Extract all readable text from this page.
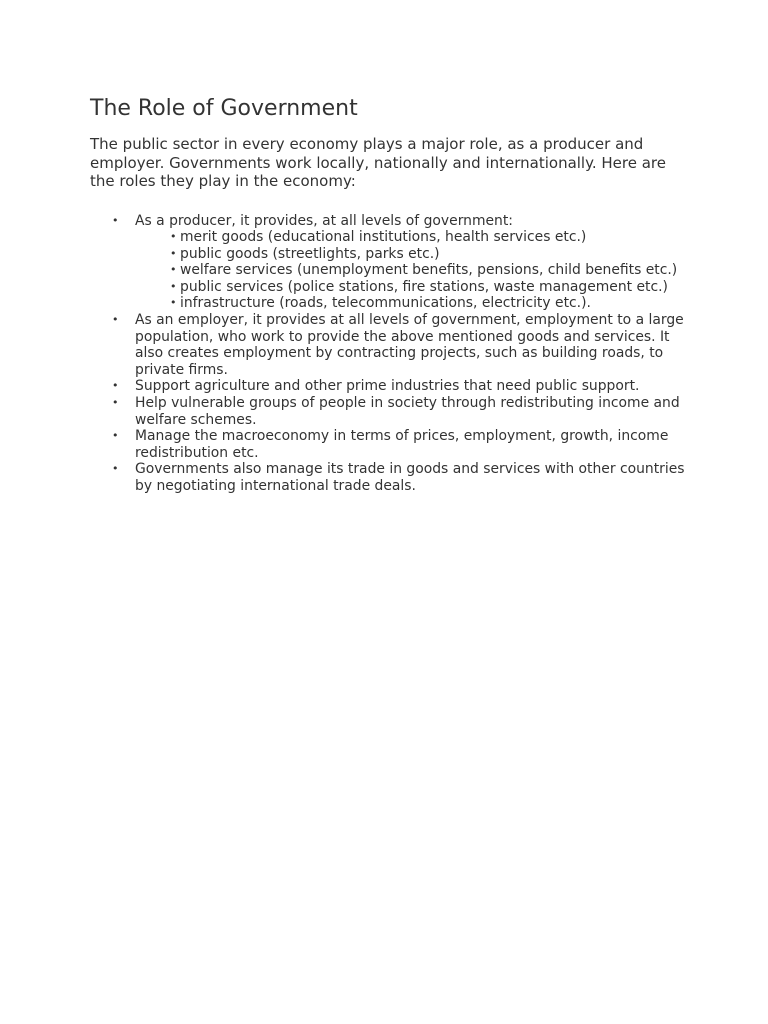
The Role of Government

The public sector in every economy plays a major role, as a producer and employer. Governments work locally, nationally and internationally. Here are the roles they play in the economy:

• As a producer, it provides, at all levels of government:
• merit goods (educational institutions, health services etc.)
• public goods (streetlights, parks etc.)
• welfare services (unemployment benefits, pensions, child benefits etc.)
• public services (police stations, fire stations, waste management etc.)
• infrastructure (roads, telecommunications, electricity etc.).
• As an employer, it provides at all levels of government, employment to a large population, who work to provide the above mentioned goods and services. It also creates employment by contracting projects, such as building roads, to private firms.
• Support agriculture and other prime industries that need public support.
• Help vulnerable groups of people in society through redistributing income and welfare schemes.
• Manage the macroeconomy in terms of prices, employment, growth, income redistribution etc.
• Governments also manage its trade in goods and services with other countries by negotiating international trade deals.
